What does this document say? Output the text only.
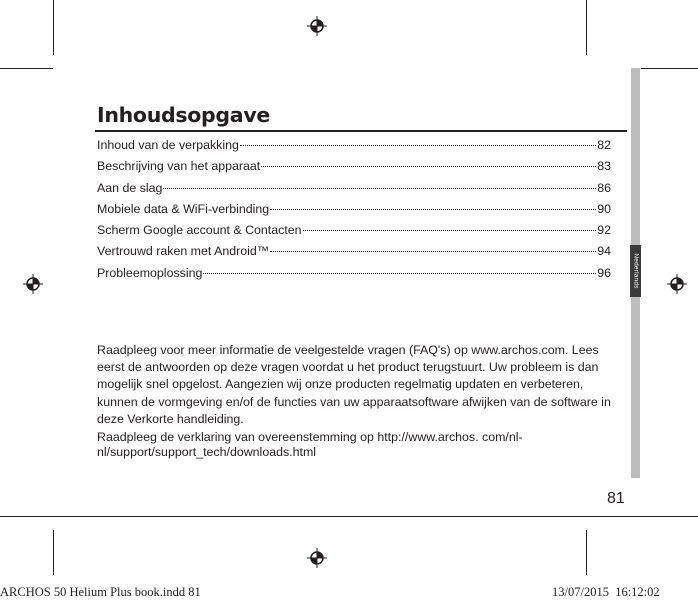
Nederlands
Inhoudsopgave
Inhoud van de verpakking	82
Beschrijving van het apparaat	83
Aan de slag	86
Mobiele data & WiFi-verbinding	90
Scherm Google account & Contacten	92
Vertrouwd raken met Android™	94
Probleemoplossing	96

Raadpleeg voor meer informatie de veelgestelde vragen (FAQ's) op www.archos.com. Lees eerst de antwoorden op deze vragen voordat u het product terugstuurt. Uw probleem is dan mogelijk snel opgelost. Aangezien wij onze producten regelmatig updaten en verbeteren, kunnen de vormgeving en/of de functies van uw apparaatsoftware afwijken van de software in deze Verkorte handleiding.

Raadpleeg de verklaring van overeenstemming op http://www.archos. com/nl-nl/support/support_tech/downloads.html

81
ARCHOS 50 Helium Plus book.indd 81	13/07/2015 16:12:02
